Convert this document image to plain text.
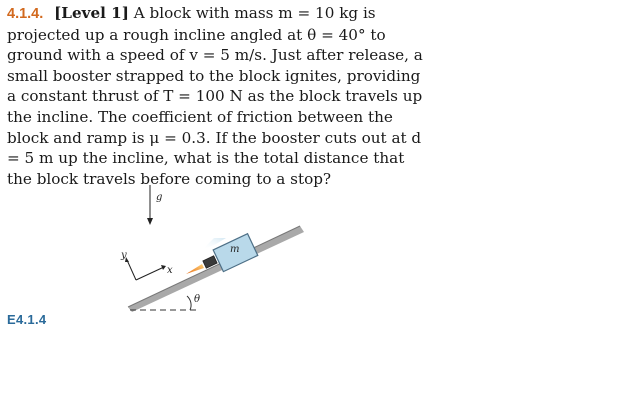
4.1.4. [Level 1] A block with mass m = 10 kg is projected up a rough incline angled at θ = 40° to ground with a speed of v = 5 m/s. Just after release, a small booster strapped to the block ignites, providing a constant thrust of T = 100 N as the block travels up the incline. The coefficient of friction between the block and ramp is μ = 0.3. If the booster cuts out at d = 5 m up the incline, what is the total distance that the block travels before coming to a stop?

θ
g
x
y
m
E4.1.4
